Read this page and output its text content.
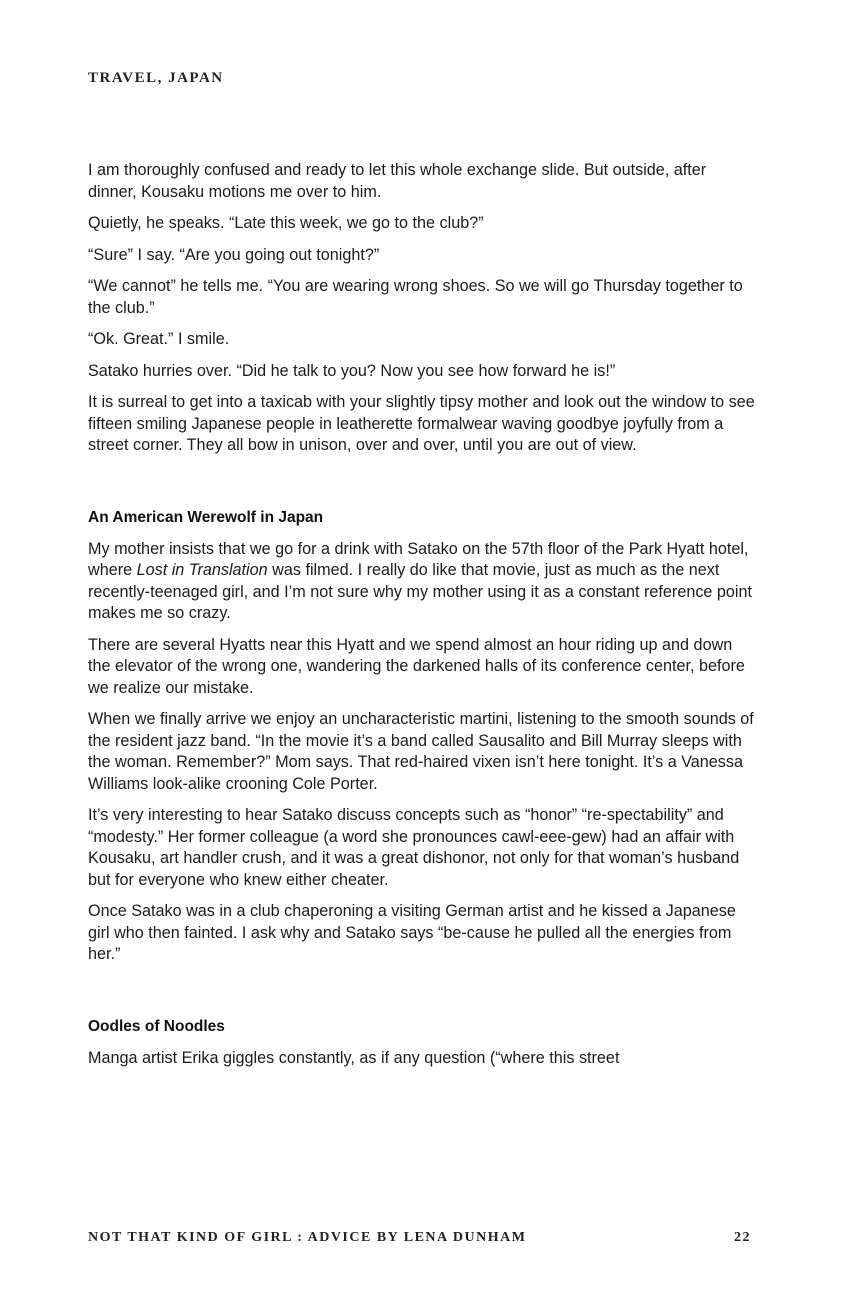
TRAVEL, JAPAN

I am thoroughly confused and ready to let this whole exchange slide. But outside, after dinner, Kousaku motions me over to him.

Quietly, he speaks. “Late this week, we go to the club?”

“Sure” I say. “Are you going out tonight?”

“We cannot” he tells me. “You are wearing wrong shoes. So we will go Thursday together to the club.”

“Ok. Great.” I smile.

Satako hurries over. “Did he talk to you? Now you see how forward he is!”

It is surreal to get into a taxicab with your slightly tipsy mother and look out the window to see fifteen smiling Japanese people in leatherette formalwear waving goodbye joyfully from a street corner. They all bow in unison, over and over, until you are out of view.

An American Werewolf in Japan

My mother insists that we go for a drink with Satako on the 57th floor of the Park Hyatt hotel, where Lost in Translation was filmed. I really do like that movie, just as much as the next recently-teenaged girl, and I’m not sure why my mother using it as a constant reference point makes me so crazy.

There are several Hyatts near this Hyatt and we spend almost an hour riding up and down the elevator of the wrong one, wandering the darkened halls of its conference center, before we realize our mistake.

When we finally arrive we enjoy an uncharacteristic martini, listening to the smooth sounds of the resident jazz band. “In the movie it’s a band called Sausalito and Bill Murray sleeps with the woman. Remember?” Mom says. That red-haired vixen isn’t here tonight. It’s a Vanessa Williams look-alike crooning Cole Porter.

It’s very interesting to hear Satako discuss concepts such as “honor” “re-spectability” and “modesty.” Her former colleague (a word she pronounces cawl-eee-gew) had an affair with Kousaku, art handler crush, and it was a great dishonor, not only for that woman’s husband but for everyone who knew either cheater.

Once Satako was in a club chaperoning a visiting German artist and he kissed a Japanese girl who then fainted. I ask why and Satako says “be-cause he pulled all the energies from her.”

Oodles of Noodles

Manga artist Erika giggles constantly, as if any question (“where this street

NOT THAT KIND OF GIRL : ADVICE BY LENA DUNHAM	22
